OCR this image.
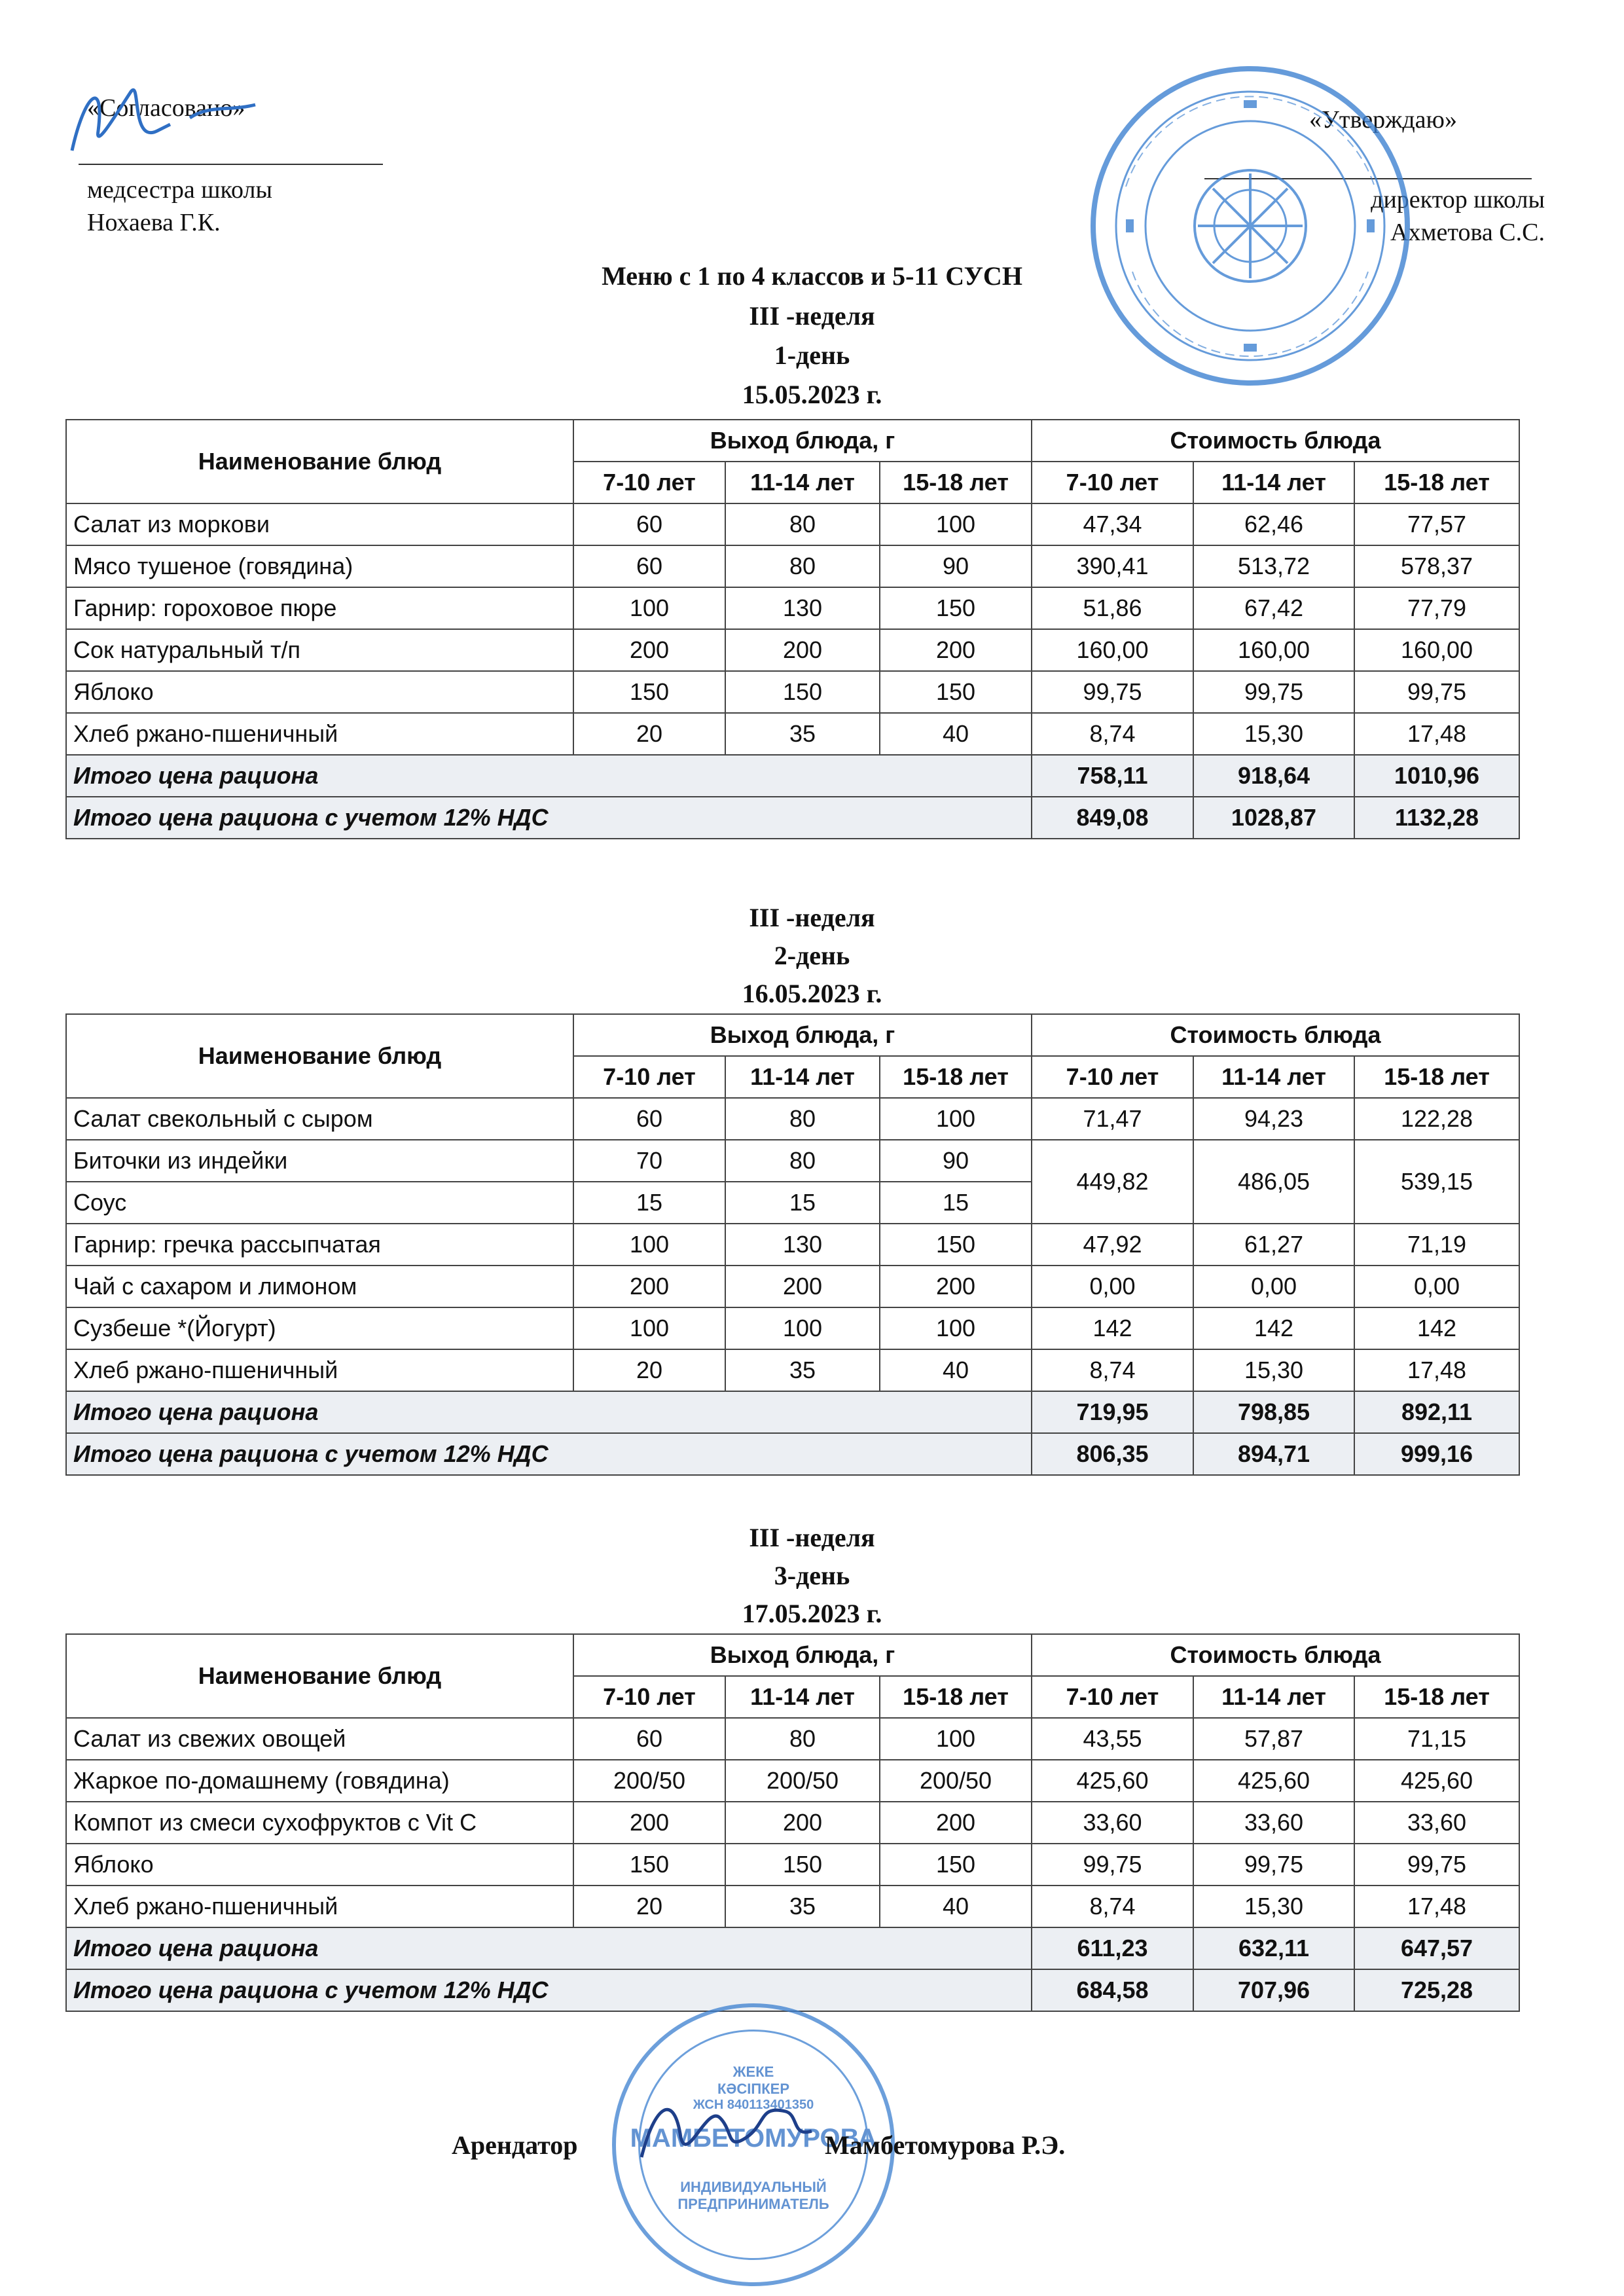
«Согласовано»
медсестра школы
Нохаева Г.К.
«Утверждаю»
директор школы
Ахметова С.С.
Меню с 1 по 4 классов и 5-11 СУСН
III -неделя
1-день
15.05.2023 г.
Наименование блюд	Выход блюда, г			Стоимость блюда		
	7-10 лет	11-14 лет	15-18 лет	7-10 лет	11-14 лет	15-18 лет
Салат из моркови	60	80	100	47,34	62,46	77,57
Мясо тушеное (говядина)	60	80	90	390,41	513,72	578,37
Гарнир: гороховое пюре	100	130	150	51,86	67,42	77,79
Сок натуральный т/п	200	200	200	160,00	160,00	160,00
Яблоко	150	150	150	99,75	99,75	99,75
Хлеб ржано-пшеничный	20	35	40	8,74	15,30	17,48
Итого цена рациона				758,11	918,64	1010,96
Итого цена рациона с учетом 12% НДС				849,08	1028,87	1132,28
III -неделя
2-день
16.05.2023 г.
Наименование блюд	Выход блюда, г			Стоимость блюда		
	7-10 лет	11-14 лет	15-18 лет	7-10 лет	11-14 лет	15-18 лет
Салат свекольный с сыром	60	80	100	71,47	94,23	122,28
Биточки из индейки	70	80	90	449,82	486,05	539,15
Соус	15	15	15			
Гарнир: гречка рассыпчатая	100	130	150	47,92	61,27	71,19
Чай с сахаром и лимоном	200	200	200	0,00	0,00	0,00
Сузбеше *(Йогурт)	100	100	100	142	142	142
Хлеб ржано-пшеничный	20	35	40	8,74	15,30	17,48
Итого цена рациона				719,95	798,85	892,11
Итого цена рациона с учетом 12% НДС				806,35	894,71	999,16
III -неделя
3-день
17.05.2023 г.
Наименование блюд	Выход блюда, г			Стоимость блюда		
	7-10 лет	11-14 лет	15-18 лет	7-10 лет	11-14 лет	15-18 лет
Салат из свежих овощей	60	80	100	43,55	57,87	71,15
Жаркое по-домашнему (говядина)	200/50	200/50	200/50	425,60	425,60	425,60
Компот из смеси сухофруктов с Vit C	200	200	200	33,60	33,60	33,60
Яблоко	150	150	150	99,75	99,75	99,75
Хлеб ржано-пшеничный	20	35	40	8,74	15,30	17,48
Итого цена рациона				611,23	632,11	647,57
Итого цена рациона с учетом 12% НДС				684,58	707,96	725,28
ЖЕКЕ
КӘСІПКЕР
ЖСН 840113401350
МАМБЕТОМУРОВА
ИНДИВИДУАЛЬНЫЙ
ПРЕДПРИНИМАТЕЛЬ
Арендатор	Мамбетомурова Р.Э.
